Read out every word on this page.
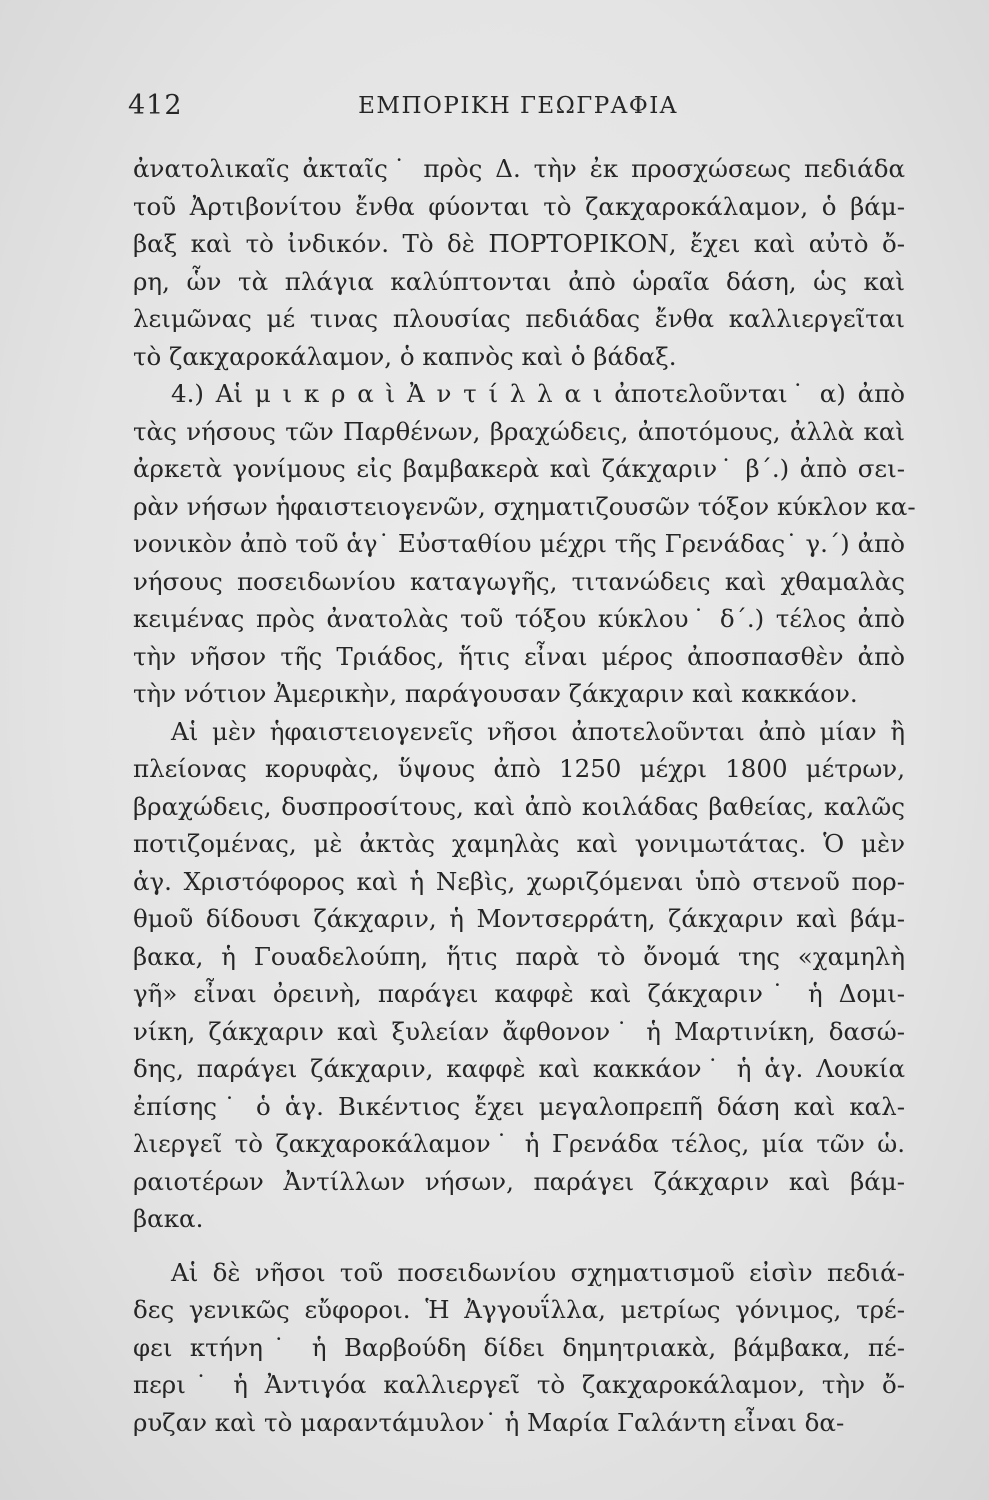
412	ΕΜΠΟΡΙΚΗ ΓΕΩΓΡΑΦΙΑ
ἀνατολικαῖς ἀκταῖς˙ πρὸς Δ. τὴν ἐκ προσχώσεως πεδιάδα
τοῦ Ἀρτιβονίτου ἔνθα φύονται τὸ ζακχαροκάλαμον, ὁ βάμ-
βαξ καὶ τὸ ἰνδικόν. Τὸ δὲ ΠΟΡΤΟΡΙΚΟΝ, ἔχει καὶ αὐτὸ ὄ-
ρη, ὧν τὰ πλάγια καλύπτονται ἀπὸ ὡραῖα δάση, ὡς καὶ
λειμῶνας μέ τινας πλουσίας πεδιάδας ἔνθα καλλιεργεῖται
τὸ ζακχαροκάλαμον, ὁ καπνὸς καὶ ὁ βάδαξ.
4.) Αἱ μ ι κ ρ α ὶ Ἀ ν τ ί λ λ α ι ἀποτελοῦνται˙ α) ἀπὸ
τὰς νήσους τῶν Παρθένων, βραχώδεις, ἀποτόμους, ἀλλὰ καὶ
ἀρκετὰ γονίμους εἰς βαμβακερὰ καὶ ζάκχαριν˙ β΄.) ἀπὸ σει-
ρὰν νήσων ἡφαιστειογενῶν, σχηματιζουσῶν τόξον κύκλον κα-
νονικὸν ἀπὸ τοῦ ἁγ˙ Εὐσταθίου μέχρι τῆς Γρενάδας˙ γ.΄) ἀπὸ
νήσους ποσειδωνίου καταγωγῆς, τιτανώδεις καὶ χθαμαλὰς
κειμένας πρὸς ἀνατολὰς τοῦ τόξου κύκλου˙ δ΄.) τέλος ἀπὸ
τὴν νῆσον τῆς Τριάδος, ἥτις εἶναι μέρος ἀποσπασθὲν ἀπὸ
τὴν νότιον Ἀμερικὴν, παράγουσαν ζάκχαριν καὶ κακκάον.
Αἱ μὲν ἡφαιστειογενεῖς νῆσοι ἀποτελοῦνται ἀπὸ μίαν ἢ
πλείονας κορυφὰς, ὕψους ἀπὸ 1250 μέχρι 1800 μέτρων,
βραχώδεις, δυσπροσίτους, καὶ ἀπὸ κοιλάδας βαθείας, καλῶς
ποτιζομένας, μὲ ἀκτὰς χαμηλὰς καὶ γονιμωτάτας. Ὁ μὲν
ἁγ. Χριστόφορος καὶ ἡ Νεβὶς, χωριζόμεναι ὑπὸ στενοῦ πορ-
θμοῦ δίδουσι ζάκχαριν, ἡ Μοντσερράτη, ζάκχαριν καὶ βάμ-
βακα, ἡ Γουαδελούπη, ἥτις παρὰ τὸ ὄνομά της «χαμηλὴ
γῆ» εἶναι ὀρεινὴ, παράγει καφφὲ καὶ ζάκχαριν˙ ἡ Δομι-
νίκη, ζάκχαριν καὶ ξυλείαν ἄφθονον˙ ἡ Μαρτινίκη, δασώ-
δης, παράγει ζάκχαριν, καφφὲ καὶ κακκάον˙ ἡ ἁγ. Λουκία
ἐπίσης˙ ὁ ἁγ. Βικέντιος ἔχει μεγαλοπρεπῆ δάση καὶ καλ-
λιεργεῖ τὸ ζακχαροκάλαμον˙ ἡ Γρενάδα τέλος, μία τῶν ὡ.
ραιοτέρων Ἀντίλλων νήσων, παράγει ζάκχαριν καὶ βάμ-
βακα.
Αἱ δὲ νῆσοι τοῦ ποσειδωνίου σχηματισμοῦ εἰσὶν πεδιά-
δες γενικῶς εὔφοροι. Ἡ Ἀγγουΐλλα, μετρίως γόνιμος, τρέ-
φει κτήνη˙ ἡ Βαρβούδη δίδει δημητριακὰ, βάμβακα, πέ-
περι˙ ἡ Ἀντιγόα καλλιεργεῖ τὸ ζακχαροκάλαμον, τὴν ὄ-
ρυζαν καὶ τὸ μαραντάμυλον˙ ἡ Μαρία Γαλάντη εἶναι δα-
